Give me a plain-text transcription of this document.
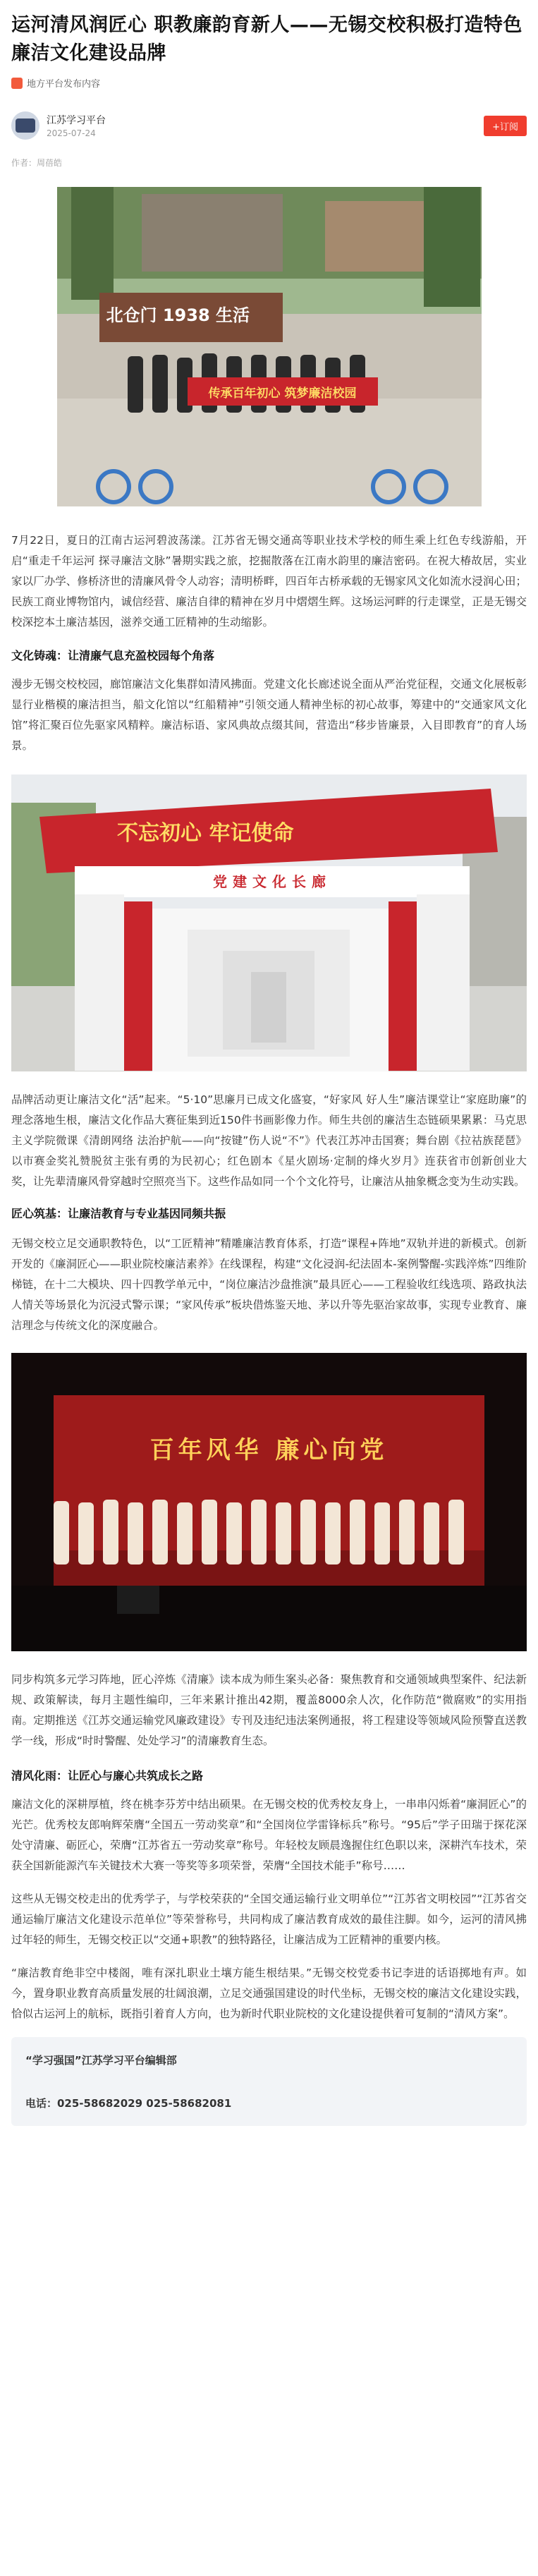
运河清风润匠心 职教廉韵育新人——无锡交校积极打造特色廉洁文化建设品牌
地方平台发布内容
江苏学习平台
2025-07-24
+订阅
作者：周蓓皓
北仓门 1938 生活
传承百年初心 筑梦廉洁校园

7月22日，夏日的江南古运河碧波荡漾。江苏省无锡交通高等职业技术学校的师生乘上红色专线游船，开启“重走千年运河 探寻廉洁文脉”暑期实践之旅，挖掘散落在江南水韵里的廉洁密码。在祝大椿故居，实业家以厂办学、修桥济世的清廉风骨令人动容；清明桥畔，四百年古桥承载的无锡家风文化如流水浸润心田；民族工商业博物馆内，诚信经营、廉洁自律的精神在岁月中熠熠生辉。这场运河畔的行走课堂，正是无锡交校深挖本土廉洁基因，滋养交通工匠精神的生动缩影。

文化铸魂：让清廉气息充盈校园每个角落

漫步无锡交校校园，廊馆廉洁文化集群如清风拂面。党建文化长廊述说全面从严治党征程，交通文化展板彰显行业楷模的廉洁担当，船文化馆以“红船精神”引领交通人精神坐标的初心故事，筹建中的“交通家风文化馆”将汇聚百位先驱家风精粹。廉洁标语、家风典故点缀其间，营造出“移步皆廉景，入目即教育”的育人场景。

不忘初心 牢记使命
党建文化长廊

品牌活动更让廉洁文化“活”起来。“5·10”思廉月已成文化盛宴，“好家风 好人生”廉洁课堂让“家庭助廉”的理念落地生根，廉洁文化作品大赛征集到近150件书画影像力作。师生共创的廉洁生态链硕果累累：马克思主义学院微课《清朗网络 法治护航——向“按键”伤人说“不”》代表江苏冲击国赛；舞台剧《拉祜族琵琶》以市赛金奖礼赞脱贫主张有勇的为民初心；红色剧本《星火剧场·定制的烽火岁月》连获省市创新创业大奖，让先辈清廉风骨穿越时空照亮当下。这些作品如同一个个文化符号，让廉洁从抽象概念变为生动实践。

匠心筑基：让廉洁教育与专业基因同频共振

无锡交校立足交通职教特色，以“工匠精神”精雕廉洁教育体系，打造“课程+阵地”双轨并进的新模式。创新开发的《廉洞匠心——职业院校廉洁素养》在线课程，构建“文化浸润-纪法固本-案例警醒-实践淬炼”四维阶梯链，在十二大模块、四十四教学单元中，“岗位廉洁沙盘推演”最具匠心——工程验收红线选项、路政执法人情关等场景化为沉浸式警示课；“家风传承”板块借炼鉴天地、茅以升等先驱治家故事，实现专业教育、廉洁理念与传统文化的深度融合。

百年风华 廉心向党

同步构筑多元学习阵地，匠心淬炼《清廉》读本成为师生案头必备：聚焦教育和交通领域典型案件、纪法新规、政策解读，每月主题性编印，三年来累计推出42期，覆盖8000余人次，化作防范“微腐败”的实用指南。定期推送《江苏交通运输党风廉政建设》专刊及违纪违法案例通报，将工程建设等领域风险预警直送教学一线，形成“时时警醒、处处学习”的清廉教育生态。

清风化雨：让匠心与廉心共筑成长之路

廉洁文化的深耕厚植，终在桃李芬芳中结出硕果。在无锡交校的优秀校友身上，一串串闪烁着“廉洞匠心”的光芒。优秀校友郎响辉荣膺“全国五一劳动奖章”和“全国岗位学雷锋标兵”称号。“95后”学子田瑞于探花深处守清廉、砺匠心，荣膺“江苏省五一劳动奖章”称号。年轻校友顾晨逸握住红色职以来，深耕汽车技术，荣获全国新能源汽车关键技术大赛一等奖等多项荣誉，荣膺“全国技术能手”称号……

这些从无锡交校走出的优秀学子，与学校荣获的“全国交通运输行业文明单位”“江苏省文明校园”“江苏省交通运输厅廉洁文化建设示范单位”等荣誉称号，共同构成了廉洁教育成效的最佳注脚。如今，运河的清风拂过年轻的师生，无锡交校正以“交通+职教”的独特路径，让廉洁成为工匠精神的重要内核。

“廉洁教育绝非空中楼阁，唯有深扎职业土壤方能生根结果。”无锡交校党委书记李进的话语掷地有声。如今，置身职业教育高质量发展的壮阔浪潮，立足交通强国建设的时代坐标，无锡交校的廉洁文化建设实践，恰似古运河上的航标，既指引着育人方向，也为新时代职业院校的文化建设提供着可复制的“清风方案”。

“学习强国”江苏学习平台编辑部
电话：025-58682029 025-58682081
